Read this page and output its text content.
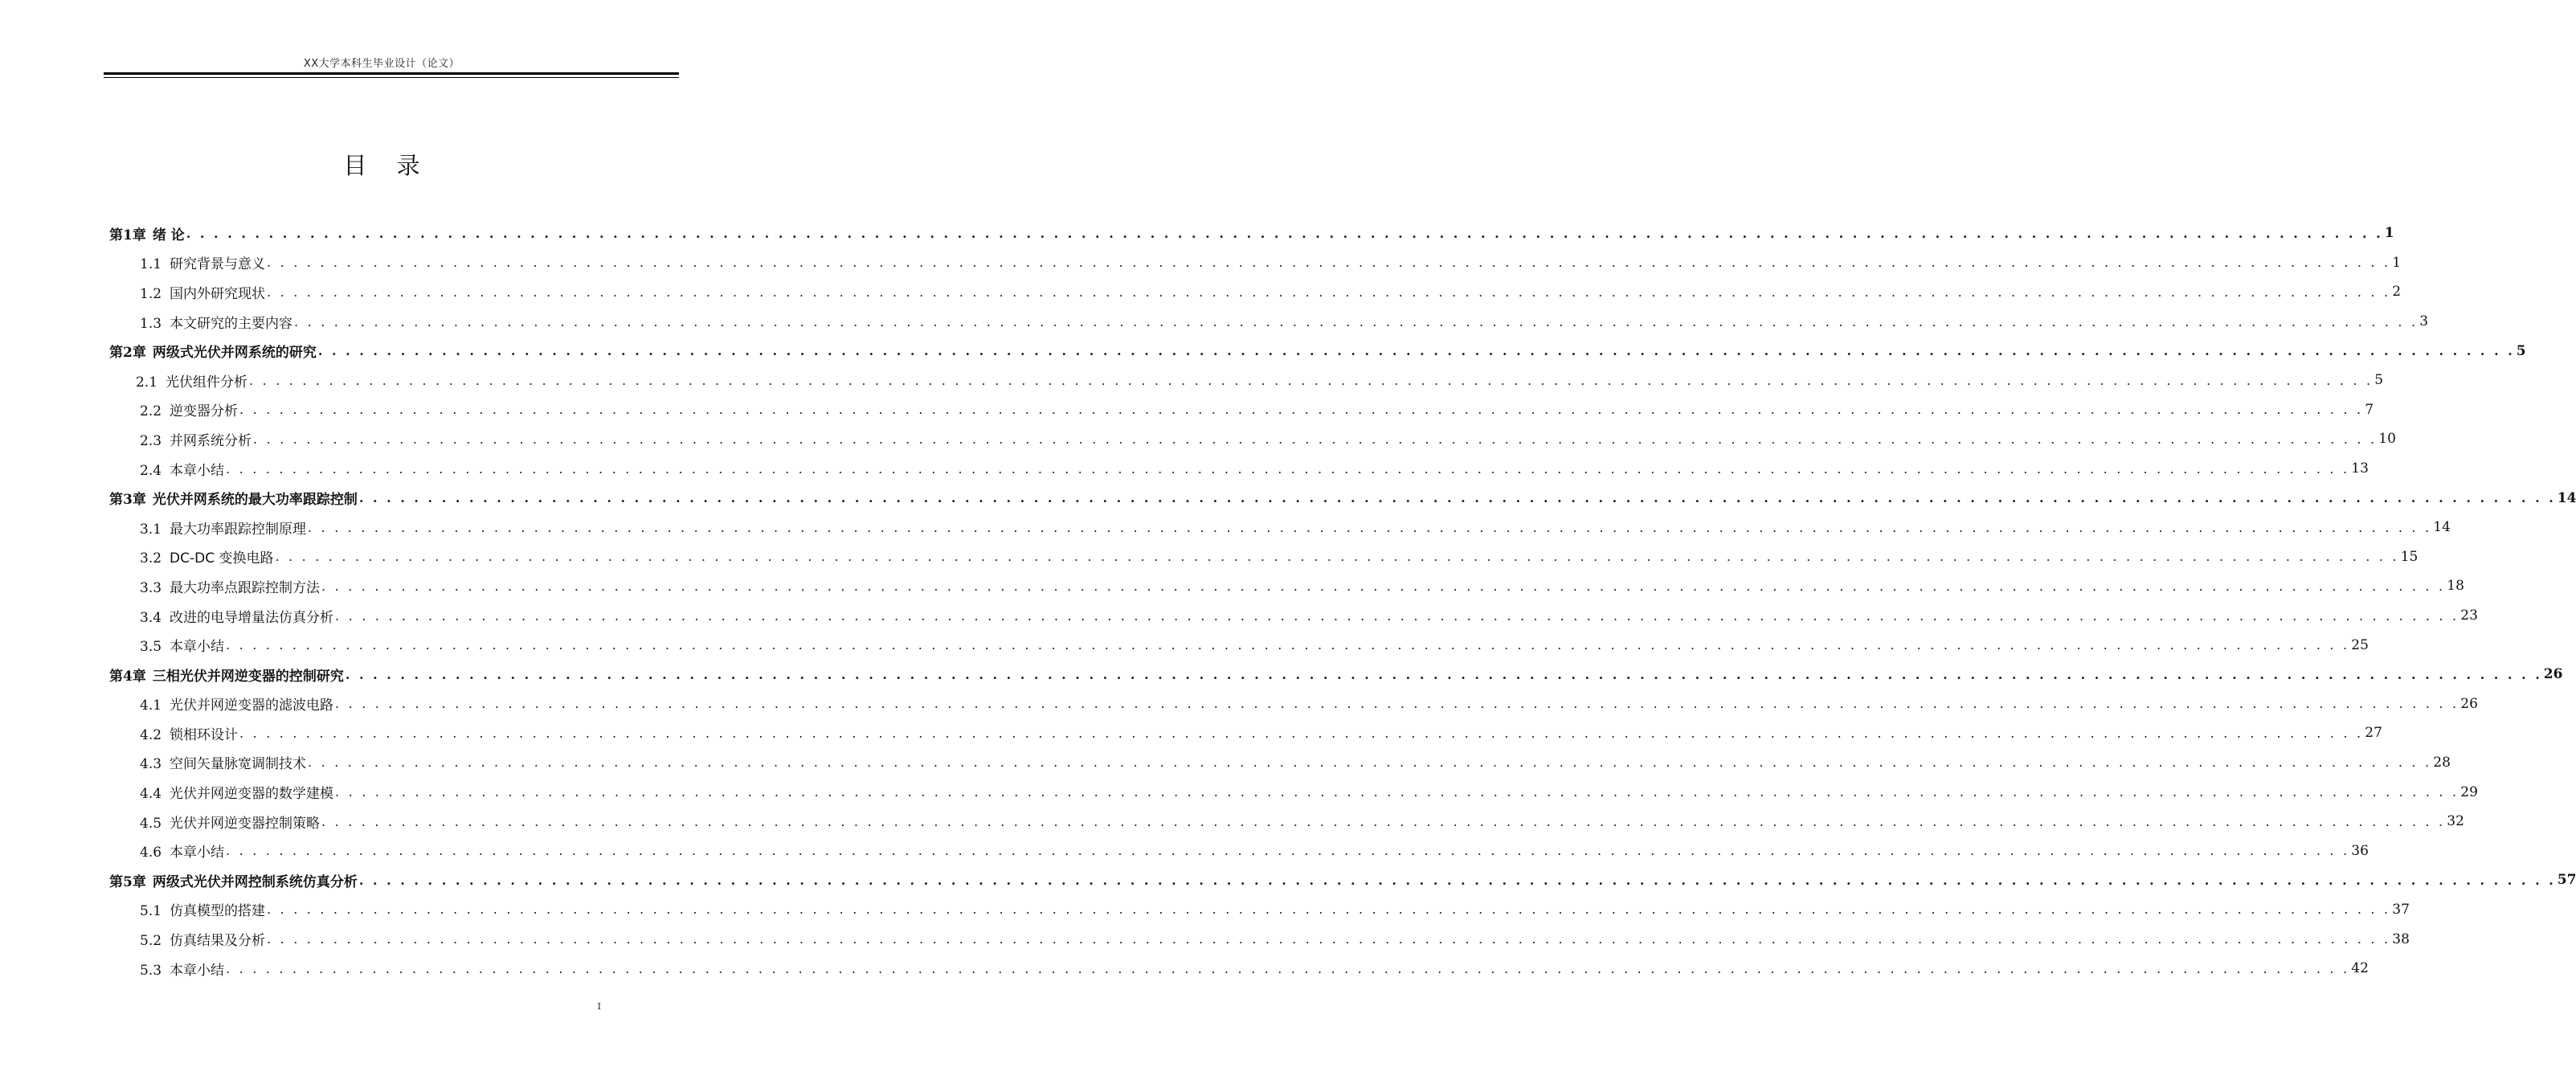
XX大学本科生毕业设计（论文）
目 录
第1章 绪 论 . . . . . . . . . . . . . . . . . . . . . . . . . . . . . . . . . . . . . . . . . . . . . . . . . . . . . . . . . . . . . . . . . . . . . . . . . . . . . . . . . . . . . . . . . . . . . . . . . . . . . . . . . . . . . . . . . . . . . . . . . . . . . . . . . . . . . . . . . . . . . . . . . . . . . . . . . . . . . . . . 1
1.1 研究背景与意义 . . . . . . . . . . . . . . . . . . . . . . . . . . . . . . . . . . . . . . . . . . . . . . . . . . . . . . . . . . . . . . . . . . . . . . . . . . . . . . . . . . . . . . . . . . . . . . . . . . . . . . . . . . . . . . . . . . . . . . . . . . . . . . . . . . . . . . . . . . . . . . . . . . . . . . . . . . . . . . . . 1
1.2 国内外研究现状 . . . . . . . . . . . . . . . . . . . . . . . . . . . . . . . . . . . . . . . . . . . . . . . . . . . . . . . . . . . . . . . . . . . . . . . . . . . . . . . . . . . . . . . . . . . . . . . . . . . . . . . . . . . . . . . . . . . . . . . . . . . . . . . . . . . . . . . . . . . . . . . . . . . . . . . . . . . . . . . . 2
1.3 本文研究的主要内容 . . . . . . . . . . . . . . . . . . . . . . . . . . . . . . . . . . . . . . . . . . . . . . . . . . . . . . . . . . . . . . . . . . . . . . . . . . . . . . . . . . . . . . . . . . . . . . . . . . . . . . . . . . . . . . . . . . . . . . . . . . . . . . . . . . . . . . . . . . . . . . . . . . . . . . . . . . . . . . . . 3
第2章 两级式光伏并网系统的研究 . . . . . . . . . . . . . . . . . . . . . . . . . . . . . . . . . . . . . . . . . . . . . . . . . . . . . . . . . . . . . . . . . . . . . . . . . . . . . . . . . . . . . . . . . . . . . . . . . . . . . . . . . . . . . . . . . . . . . . . . . . . . . . . . . . . . . . . . . . . . . . . . . . . . . . . . . . . . . . . . 5
2.1 光伏组件分析 . . . . . . . . . . . . . . . . . . . . . . . . . . . . . . . . . . . . . . . . . . . . . . . . . . . . . . . . . . . . . . . . . . . . . . . . . . . . . . . . . . . . . . . . . . . . . . . . . . . . . . . . . . . . . . . . . . . . . . . . . . . . . . . . . . . . . . . . . . . . . . . . . . . . . . . . . . . . . . . . 5
2.2 逆变器分析 . . . . . . . . . . . . . . . . . . . . . . . . . . . . . . . . . . . . . . . . . . . . . . . . . . . . . . . . . . . . . . . . . . . . . . . . . . . . . . . . . . . . . . . . . . . . . . . . . . . . . . . . . . . . . . . . . . . . . . . . . . . . . . . . . . . . . . . . . . . . . . . . . . . . . . . . . . . . . . . . 7
2.3 并网系统分析 . . . . . . . . . . . . . . . . . . . . . . . . . . . . . . . . . . . . . . . . . . . . . . . . . . . . . . . . . . . . . . . . . . . . . . . . . . . . . . . . . . . . . . . . . . . . . . . . . . . . . . . . . . . . . . . . . . . . . . . . . . . . . . . . . . . . . . . . . . . . . . . . . . . . . . . . . . . . . . . . 10
2.4 本章小结 . . . . . . . . . . . . . . . . . . . . . . . . . . . . . . . . . . . . . . . . . . . . . . . . . . . . . . . . . . . . . . . . . . . . . . . . . . . . . . . . . . . . . . . . . . . . . . . . . . . . . . . . . . . . . . . . . . . . . . . . . . . . . . . . . . . . . . . . . . . . . . . . . . . . . . . . . . . . . . . . 13
第3章 光伏并网系统的最大功率跟踪控制 . . . . . . . . . . . . . . . . . . . . . . . . . . . . . . . . . . . . . . . . . . . . . . . . . . . . . . . . . . . . . . . . . . . . . . . . . . . . . . . . . . . . . . . . . . . . . . . . . . . . . . . . . . . . . . . . . . . . . . . . . . . . . . . . . . . . . . . . . . . . . . . . . . . . . . . . . . . . . . . . 14
3.1 最大功率跟踪控制原理 . . . . . . . . . . . . . . . . . . . . . . . . . . . . . . . . . . . . . . . . . . . . . . . . . . . . . . . . . . . . . . . . . . . . . . . . . . . . . . . . . . . . . . . . . . . . . . . . . . . . . . . . . . . . . . . . . . . . . . . . . . . . . . . . . . . . . . . . . . . . . . . . . . . . . . . . . . . . . . . . 14
3.2 DC-DC 变换电路 . . . . . . . . . . . . . . . . . . . . . . . . . . . . . . . . . . . . . . . . . . . . . . . . . . . . . . . . . . . . . . . . . . . . . . . . . . . . . . . . . . . . . . . . . . . . . . . . . . . . . . . . . . . . . . . . . . . . . . . . . . . . . . . . . . . . . . . . . . . . . . . . . . . . . . . . . . . . . . . . 15
3.3 最大功率点跟踪控制方法 . . . . . . . . . . . . . . . . . . . . . . . . . . . . . . . . . . . . . . . . . . . . . . . . . . . . . . . . . . . . . . . . . . . . . . . . . . . . . . . . . . . . . . . . . . . . . . . . . . . . . . . . . . . . . . . . . . . . . . . . . . . . . . . . . . . . . . . . . . . . . . . . . . . . . . . . . . . . . . . . 18
3.4 改进的电导增量法仿真分析 . . . . . . . . . . . . . . . . . . . . . . . . . . . . . . . . . . . . . . . . . . . . . . . . . . . . . . . . . . . . . . . . . . . . . . . . . . . . . . . . . . . . . . . . . . . . . . . . . . . . . . . . . . . . . . . . . . . . . . . . . . . . . . . . . . . . . . . . . . . . . . . . . . . . . . . . . . . . . . . . 23
3.5 本章小结 . . . . . . . . . . . . . . . . . . . . . . . . . . . . . . . . . . . . . . . . . . . . . . . . . . . . . . . . . . . . . . . . . . . . . . . . . . . . . . . . . . . . . . . . . . . . . . . . . . . . . . . . . . . . . . . . . . . . . . . . . . . . . . . . . . . . . . . . . . . . . . . . . . . . . . . . . . . . . . . . 25
第4章 三相光伏并网逆变器的控制研究 . . . . . . . . . . . . . . . . . . . . . . . . . . . . . . . . . . . . . . . . . . . . . . . . . . . . . . . . . . . . . . . . . . . . . . . . . . . . . . . . . . . . . . . . . . . . . . . . . . . . . . . . . . . . . . . . . . . . . . . . . . . . . . . . . . . . . . . . . . . . . . . . . . . . . . . . . . . . . . . . 26
4.1 光伏并网逆变器的滤波电路 . . . . . . . . . . . . . . . . . . . . . . . . . . . . . . . . . . . . . . . . . . . . . . . . . . . . . . . . . . . . . . . . . . . . . . . . . . . . . . . . . . . . . . . . . . . . . . . . . . . . . . . . . . . . . . . . . . . . . . . . . . . . . . . . . . . . . . . . . . . . . . . . . . . . . . . . . . . . . . . . 26
4.2 锁相环设计 . . . . . . . . . . . . . . . . . . . . . . . . . . . . . . . . . . . . . . . . . . . . . . . . . . . . . . . . . . . . . . . . . . . . . . . . . . . . . . . . . . . . . . . . . . . . . . . . . . . . . . . . . . . . . . . . . . . . . . . . . . . . . . . . . . . . . . . . . . . . . . . . . . . . . . . . . . . . . . . . 27
4.3 空间矢量脉宽调制技术 . . . . . . . . . . . . . . . . . . . . . . . . . . . . . . . . . . . . . . . . . . . . . . . . . . . . . . . . . . . . . . . . . . . . . . . . . . . . . . . . . . . . . . . . . . . . . . . . . . . . . . . . . . . . . . . . . . . . . . . . . . . . . . . . . . . . . . . . . . . . . . . . . . . . . . . . . . . . . . . . 28
4.4 光伏并网逆变器的数学建模 . . . . . . . . . . . . . . . . . . . . . . . . . . . . . . . . . . . . . . . . . . . . . . . . . . . . . . . . . . . . . . . . . . . . . . . . . . . . . . . . . . . . . . . . . . . . . . . . . . . . . . . . . . . . . . . . . . . . . . . . . . . . . . . . . . . . . . . . . . . . . . . . . . . . . . . . . . . . . . . . 29
4.5 光伏并网逆变器控制策略 . . . . . . . . . . . . . . . . . . . . . . . . . . . . . . . . . . . . . . . . . . . . . . . . . . . . . . . . . . . . . . . . . . . . . . . . . . . . . . . . . . . . . . . . . . . . . . . . . . . . . . . . . . . . . . . . . . . . . . . . . . . . . . . . . . . . . . . . . . . . . . . . . . . . . . . . . . . . . . . . 32
4.6 本章小结 . . . . . . . . . . . . . . . . . . . . . . . . . . . . . . . . . . . . . . . . . . . . . . . . . . . . . . . . . . . . . . . . . . . . . . . . . . . . . . . . . . . . . . . . . . . . . . . . . . . . . . . . . . . . . . . . . . . . . . . . . . . . . . . . . . . . . . . . . . . . . . . . . . . . . . . . . . . . . . . . 36
第5章 两级式光伏并网控制系统仿真分析 . . . . . . . . . . . . . . . . . . . . . . . . . . . . . . . . . . . . . . . . . . . . . . . . . . . . . . . . . . . . . . . . . . . . . . . . . . . . . . . . . . . . . . . . . . . . . . . . . . . . . . . . . . . . . . . . . . . . . . . . . . . . . . . . . . . . . . . . . . . . . . . . . . . . . . . . . . . . . . . . 57
5.1 仿真模型的搭建 . . . . . . . . . . . . . . . . . . . . . . . . . . . . . . . . . . . . . . . . . . . . . . . . . . . . . . . . . . . . . . . . . . . . . . . . . . . . . . . . . . . . . . . . . . . . . . . . . . . . . . . . . . . . . . . . . . . . . . . . . . . . . . . . . . . . . . . . . . . . . . . . . . . . . . . . . . . . . . . . 37
5.2 仿真结果及分析 . . . . . . . . . . . . . . . . . . . . . . . . . . . . . . . . . . . . . . . . . . . . . . . . . . . . . . . . . . . . . . . . . . . . . . . . . . . . . . . . . . . . . . . . . . . . . . . . . . . . . . . . . . . . . . . . . . . . . . . . . . . . . . . . . . . . . . . . . . . . . . . . . . . . . . . . . . . . . . . . 38
5.3 本章小结 . . . . . . . . . . . . . . . . . . . . . . . . . . . . . . . . . . . . . . . . . . . . . . . . . . . . . . . . . . . . . . . . . . . . . . . . . . . . . . . . . . . . . . . . . . . . . . . . . . . . . . . . . . . . . . . . . . . . . . . . . . . . . . . . . . . . . . . . . . . . . . . . . . . . . . . . . . . . . . . . 42
I
